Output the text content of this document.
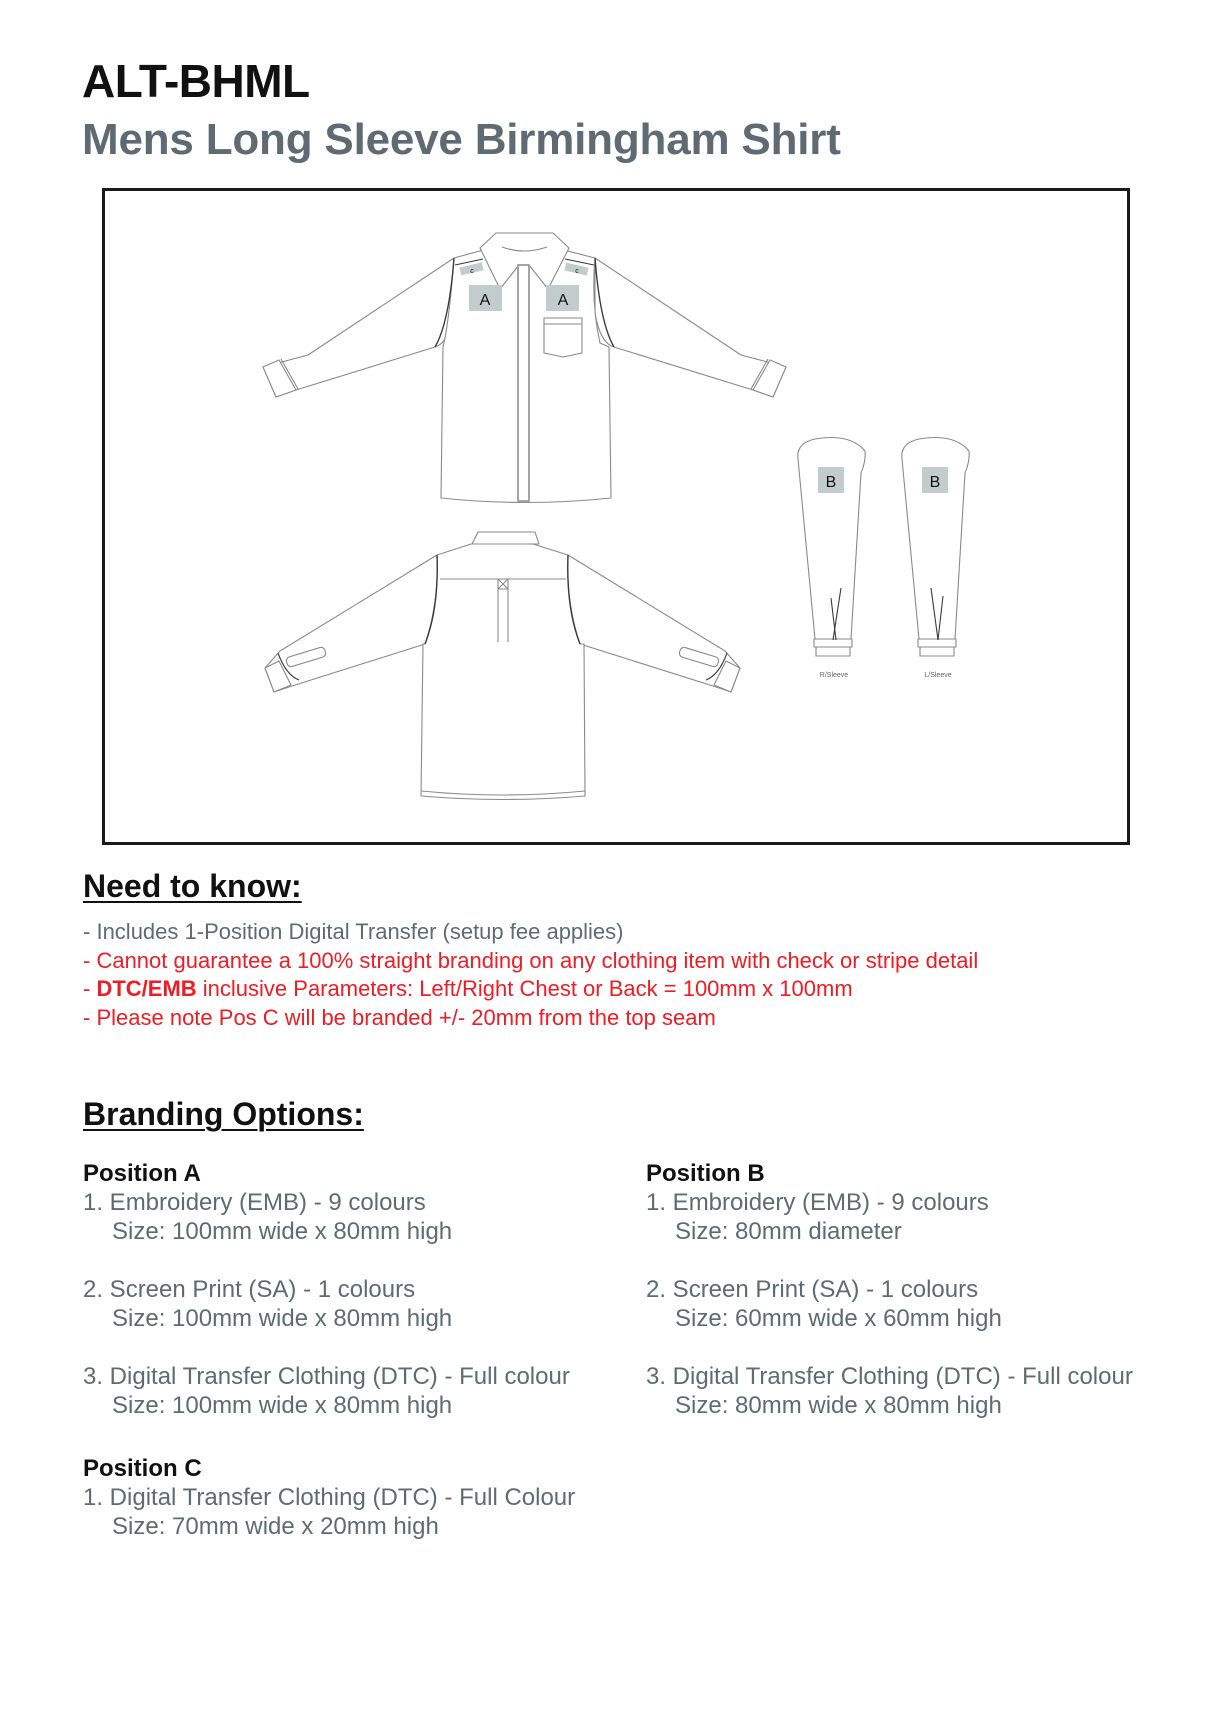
ALT-BHML
Mens Long Sleeve Birmingham Shirt
A	A
c	c
B	B
R/Sleeve	L/Sleeve
Need to know:
- Includes 1-Position Digital Transfer (setup fee applies)
- Cannot guarantee a 100% straight branding on any clothing item with check or stripe detail
- DTC/EMB inclusive Parameters: Left/Right Chest or Back = 100mm x 100mm
- Please note Pos C will be branded +/- 20mm from the top seam
Branding Options:

Position A

1. Embroidery (EMB) - 9 colours
Size: 100mm wide x 80mm high
2. Screen Print (SA) - 1 colours
Size: 100mm wide x 80mm high
3. Digital Transfer Clothing (DTC) - Full colour
Size: 100mm wide x 80mm high

Position B

1. Embroidery (EMB) - 9 colours
Size: 80mm diameter
2. Screen Print (SA) - 1 colours
Size: 60mm wide x 60mm high
3. Digital Transfer Clothing (DTC) - Full colour
Size: 80mm wide x 80mm high

Position C

1. Digital Transfer Clothing (DTC) - Full Colour
Size: 70mm wide x 20mm high
